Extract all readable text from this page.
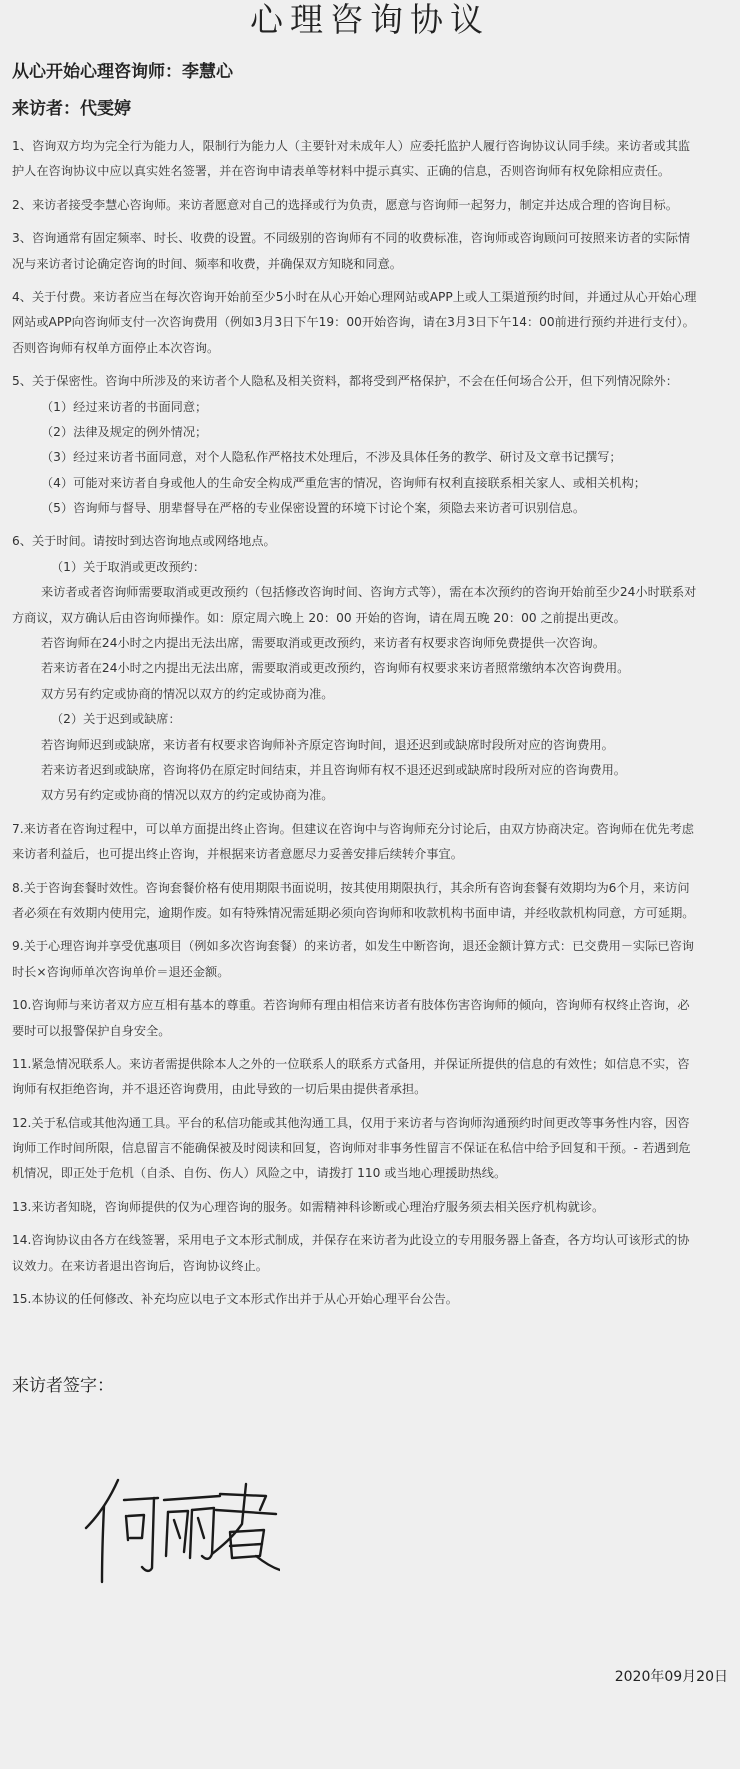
心理咨询协议
从心开始心理咨询师：李慧心
来访者：代雯婷
1、咨询双方均为完全行为能力人，限制行为能力人（主要针对未成年人）应委托监护人履行咨询协议认同手续。来访者或其监
护人在咨询协议中应以真实姓名签署，并在咨询申请表单等材料中提示真实、正确的信息，否则咨询师有权免除相应责任。
2、来访者接受李慧心咨询师。来访者愿意对自己的选择或行为负责，愿意与咨询师一起努力，制定并达成合理的咨询目标。
3、咨询通常有固定频率、时长、收费的设置。不同级别的咨询师有不同的收费标准，咨询师或咨询顾问可按照来访者的实际情
况与来访者讨论确定咨询的时间、频率和收费，并确保双方知晓和同意。
4、关于付费。来访者应当在每次咨询开始前至少5小时在从心开始心理网站或APP上或人工渠道预约时间，并通过从心开始心理
网站或APP向咨询师支付一次咨询费用（例如3月3日下午19：00开始咨询，请在3月3日下午14：00前进行预约并进行支付）。
否则咨询师有权单方面停止本次咨询。
5、关于保密性。咨询中所涉及的来访者个人隐私及相关资料，都将受到严格保护，不会在任何场合公开，但下列情况除外：
（1）经过来访者的书面同意；
（2）法律及规定的例外情况；
（3）经过来访者书面同意，对个人隐私作严格技术处理后，不涉及具体任务的教学、研讨及文章书记撰写；
（4）可能对来访者自身或他人的生命安全构成严重危害的情况，咨询师有权利直接联系相关家人、或相关机构；
（5）咨询师与督导、朋辈督导在严格的专业保密设置的环境下讨论个案，须隐去来访者可识别信息。
6、关于时间。请按时到达咨询地点或网络地点。
（1）关于取消或更改预约：
来访者或者咨询师需要取消或更改预约（包括修改咨询时间、咨询方式等），需在本次预约的咨询开始前至少24小时联系对
方商议，双方确认后由咨询师操作。如：原定周六晚上 20：00 开始的咨询，请在周五晚 20：00 之前提出更改。
若咨询师在24小时之内提出无法出席，需要取消或更改预约，来访者有权要求咨询师免费提供一次咨询。
若来访者在24小时之内提出无法出席，需要取消或更改预约，咨询师有权要求来访者照常缴纳本次咨询费用。
双方另有约定或协商的情况以双方的约定或协商为准。
（2）关于迟到或缺席：
若咨询师迟到或缺席，来访者有权要求咨询师补齐原定咨询时间，退还迟到或缺席时段所对应的咨询费用。
若来访者迟到或缺席，咨询将仍在原定时间结束，并且咨询师有权不退还迟到或缺席时段所对应的咨询费用。
双方另有约定或协商的情况以双方的约定或协商为准。
7.来访者在咨询过程中，可以单方面提出终止咨询。但建议在咨询中与咨询师充分讨论后，由双方协商决定。咨询师在优先考虑
来访者利益后，也可提出终止咨询，并根据来访者意愿尽力妥善安排后续转介事宜。
8.关于咨询套餐时效性。咨询套餐价格有使用期限书面说明，按其使用期限执行，其余所有咨询套餐有效期均为6个月，来访问
者必须在有效期内使用完，逾期作废。如有特殊情况需延期必须向咨询师和收款机构书面申请，并经收款机构同意，方可延期。
9.关于心理咨询并享受优惠项目（例如多次咨询套餐）的来访者，如发生中断咨询，退还金额计算方式：已交费用－实际已咨询
时长×咨询师单次咨询单价＝退还金额。
10.咨询师与来访者双方应互相有基本的尊重。若咨询师有理由相信来访者有肢体伤害咨询师的倾向，咨询师有权终止咨询，必
要时可以报警保护自身安全。
11.紧急情况联系人。来访者需提供除本人之外的一位联系人的联系方式备用，并保证所提供的信息的有效性；如信息不实，咨
询师有权拒绝咨询，并不退还咨询费用，由此导致的一切后果由提供者承担。
12.关于私信或其他沟通工具。平台的私信功能或其他沟通工具，仅用于来访者与咨询师沟通预约时间更改等事务性内容，因咨
询师工作时间所限，信息留言不能确保被及时阅读和回复，咨询师对非事务性留言不保证在私信中给予回复和干预。- 若遇到危
机情况，即正处于危机（自杀、自伤、伤人）风险之中，请拨打 110 或当地心理援助热线。
13.来访者知晓，咨询师提供的仅为心理咨询的服务。如需精神科诊断或心理治疗服务须去相关医疗机构就诊。
14.咨询协议由各方在线签署，采用电子文本形式制成，并保存在来访者为此设立的专用服务器上备查，各方均认可该形式的协
议效力。在来访者退出咨询后，咨询协议终止。
15.本协议的任何修改、补充均应以电子文本形式作出并于从心开始心理平台公告。
来访者签字：
2020年09月20日
